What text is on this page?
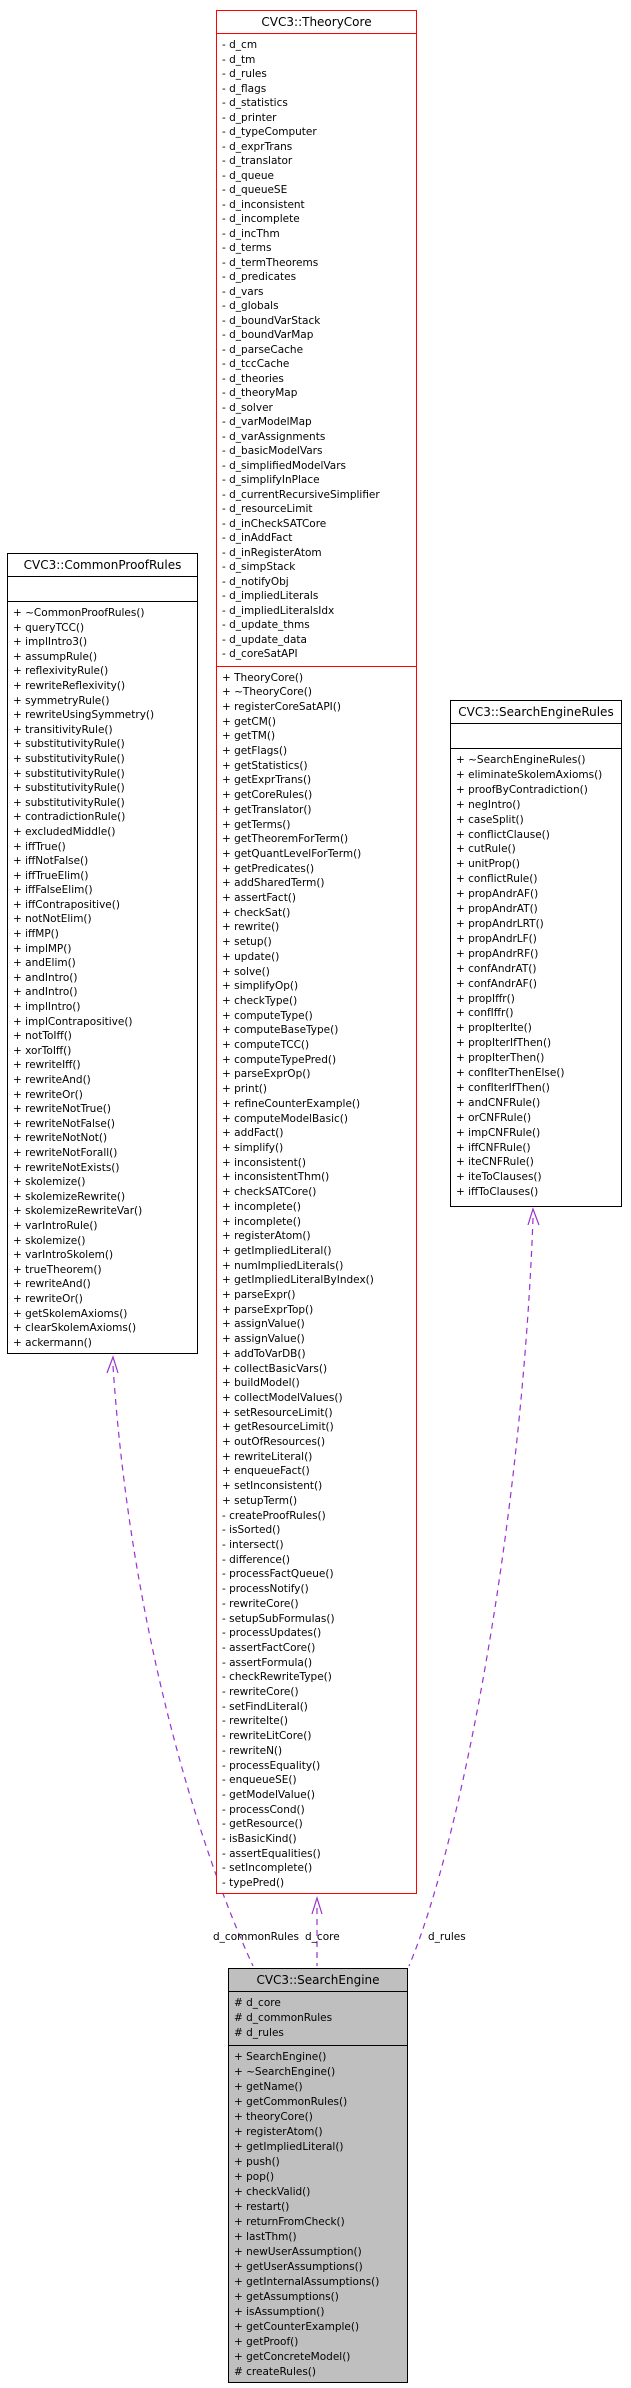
CVC3::TheoryCore
- d_cm
- d_tm
- d_rules
- d_flags
- d_statistics
- d_printer
- d_typeComputer
- d_exprTrans
- d_translator
- d_queue
- d_queueSE
- d_inconsistent
- d_incomplete
- d_incThm
- d_terms
- d_termTheorems
- d_predicates
- d_vars
- d_globals
- d_boundVarStack
- d_boundVarMap
- d_parseCache
- d_tccCache
- d_theories
- d_theoryMap
- d_solver
- d_varModelMap
- d_varAssignments
- d_basicModelVars
- d_simplifiedModelVars
- d_simplifyInPlace
- d_currentRecursiveSimplifier
- d_resourceLimit
- d_inCheckSATCore
- d_inAddFact
- d_inRegisterAtom
- d_simpStack
- d_notifyObj
- d_impliedLiterals
- d_impliedLiteralsIdx
- d_update_thms
- d_update_data
- d_coreSatAPI
+ TheoryCore()
+ ~TheoryCore()
+ registerCoreSatAPI()
+ getCM()
+ getTM()
+ getFlags()
+ getStatistics()
+ getExprTrans()
+ getCoreRules()
+ getTranslator()
+ getTerms()
+ getTheoremForTerm()
+ getQuantLevelForTerm()
+ getPredicates()
+ addSharedTerm()
+ assertFact()
+ checkSat()
+ rewrite()
+ setup()
+ update()
+ solve()
+ simplifyOp()
+ checkType()
+ computeType()
+ computeBaseType()
+ computeTCC()
+ computeTypePred()
+ parseExprOp()
+ print()
+ refineCounterExample()
+ computeModelBasic()
+ addFact()
+ simplify()
+ inconsistent()
+ inconsistentThm()
+ checkSATCore()
+ incomplete()
+ incomplete()
+ registerAtom()
+ getImpliedLiteral()
+ numImpliedLiterals()
+ getImpliedLiteralByIndex()
+ parseExpr()
+ parseExprTop()
+ assignValue()
+ assignValue()
+ addToVarDB()
+ collectBasicVars()
+ buildModel()
+ collectModelValues()
+ setResourceLimit()
+ getResourceLimit()
+ outOfResources()
+ rewriteLiteral()
+ enqueueFact()
+ setInconsistent()
+ setupTerm()
- createProofRules()
- isSorted()
- intersect()
- difference()
- processFactQueue()
- processNotify()
- rewriteCore()
- setupSubFormulas()
- processUpdates()
- assertFactCore()
- assertFormula()
- checkRewriteType()
- rewriteCore()
- setFindLiteral()
- rewriteIte()
- rewriteLitCore()
- rewriteN()
- processEquality()
- enqueueSE()
- getModelValue()
- processCond()
- getResource()
- isBasicKind()
- assertEqualities()
- setIncomplete()
- typePred()
CVC3::CommonProofRules
+ ~CommonProofRules()
+ queryTCC()
+ implIntro3()
+ assumpRule()
+ reflexivityRule()
+ rewriteReflexivity()
+ symmetryRule()
+ rewriteUsingSymmetry()
+ transitivityRule()
+ substitutivityRule()
+ substitutivityRule()
+ substitutivityRule()
+ substitutivityRule()
+ substitutivityRule()
+ contradictionRule()
+ excludedMiddle()
+ iffTrue()
+ iffNotFalse()
+ iffTrueElim()
+ iffFalseElim()
+ iffContrapositive()
+ notNotElim()
+ iffMP()
+ implMP()
+ andElim()
+ andIntro()
+ andIntro()
+ implIntro()
+ implContrapositive()
+ notToIff()
+ xorToIff()
+ rewriteIff()
+ rewriteAnd()
+ rewriteOr()
+ rewriteNotTrue()
+ rewriteNotFalse()
+ rewriteNotNot()
+ rewriteNotForall()
+ rewriteNotExists()
+ skolemize()
+ skolemizeRewrite()
+ skolemizeRewriteVar()
+ varIntroRule()
+ skolemize()
+ varIntroSkolem()
+ trueTheorem()
+ rewriteAnd()
+ rewriteOr()
+ getSkolemAxioms()
+ clearSkolemAxioms()
+ ackermann()
CVC3::SearchEngineRules
+ ~SearchEngineRules()
+ eliminateSkolemAxioms()
+ proofByContradiction()
+ negIntro()
+ caseSplit()
+ conflictClause()
+ cutRule()
+ unitProp()
+ conflictRule()
+ propAndrAF()
+ propAndrAT()
+ propAndrLRT()
+ propAndrLF()
+ propAndrRF()
+ confAndrAT()
+ confAndrAF()
+ propIffr()
+ confIffr()
+ propIterIte()
+ propIterIfThen()
+ propIterThen()
+ confIterThenElse()
+ confIterIfThen()
+ andCNFRule()
+ orCNFRule()
+ impCNFRule()
+ iffCNFRule()
+ iteCNFRule()
+ iteToClauses()
+ iffToClauses()
CVC3::SearchEngine
# d_core
# d_commonRules
# d_rules
+ SearchEngine()
+ ~SearchEngine()
+ getName()
+ getCommonRules()
+ theoryCore()
+ registerAtom()
+ getImpliedLiteral()
+ push()
+ pop()
+ checkValid()
+ restart()
+ returnFromCheck()
+ lastThm()
+ newUserAssumption()
+ getUserAssumptions()
+ getInternalAssumptions()
+ getAssumptions()
+ isAssumption()
+ getCounterExample()
+ getProof()
+ getConcreteModel()
# createRules()
d_commonRules d_core	d_rules
